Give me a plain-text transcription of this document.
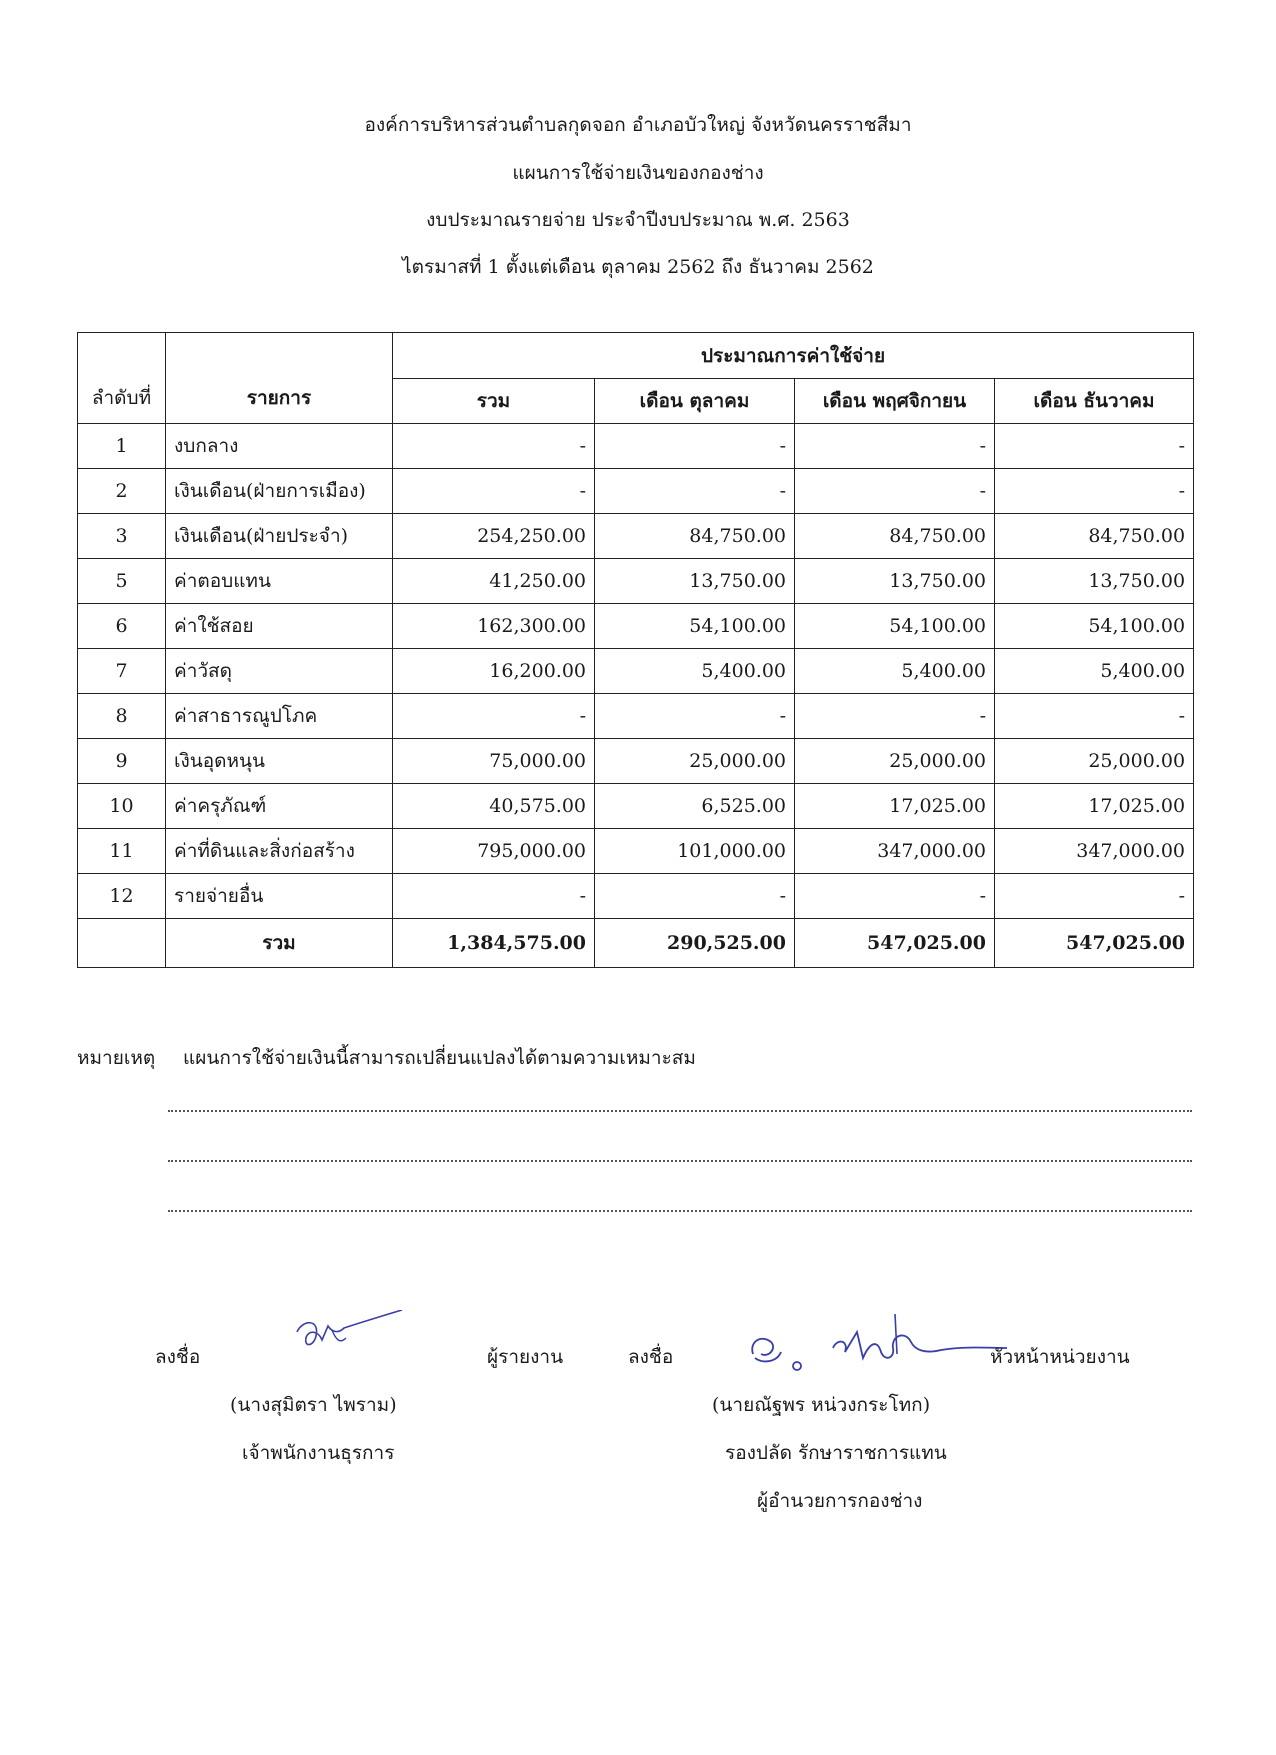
องค์การบริหารส่วนตำบลกุดจอก อำเภอบัวใหญ่ จังหวัดนครราชสีมา
แผนการใช้จ่ายเงินของกองช่าง
งบประมาณรายจ่าย ประจำปีงบประมาณ พ.ศ. 2563
ไตรมาสที่ 1 ตั้งแต่เดือน ตุลาคม 2562 ถึง ธันวาคม 2562
ลำดับที่	รายการ	ประมาณการค่าใช้จ่าย			
		รวม	เดือน ตุลาคม	เดือน พฤศจิกายน	เดือน ธันวาคม
1	งบกลาง	-	-	-	-
2	เงินเดือน(ฝ่ายการเมือง)	-	-	-	-
3	เงินเดือน(ฝ่ายประจำ)	254,250.00	84,750.00	84,750.00	84,750.00
5	ค่าตอบแทน	41,250.00	13,750.00	13,750.00	13,750.00
6	ค่าใช้สอย	162,300.00	54,100.00	54,100.00	54,100.00
7	ค่าวัสดุ	16,200.00	5,400.00	5,400.00	5,400.00
8	ค่าสาธารณูปโภค	-	-	-	-
9	เงินอุดหนุน	75,000.00	25,000.00	25,000.00	25,000.00
10	ค่าครุภัณฑ์	40,575.00	6,525.00	17,025.00	17,025.00
11	ค่าที่ดินและสิ่งก่อสร้าง	795,000.00	101,000.00	347,000.00	347,000.00
12	รายจ่ายอื่น	-	-	-	-
	รวม	1,384,575.00	290,525.00	547,025.00	547,025.00
หมายเหตุ แผนการใช้จ่ายเงินนี้สามารถเปลี่ยนแปลงได้ตามความเหมาะสม
ลงชื่อ	ผู้รายงาน
(นางสุมิตรา ไพราม)
เจ้าพนักงานธุรการ
ลงชื่อ	หัวหน้าหน่วยงาน
(นายณัฐพร หน่วงกระโทก)
รองปลัด รักษาราชการแทน
ผู้อำนวยการกองช่าง
